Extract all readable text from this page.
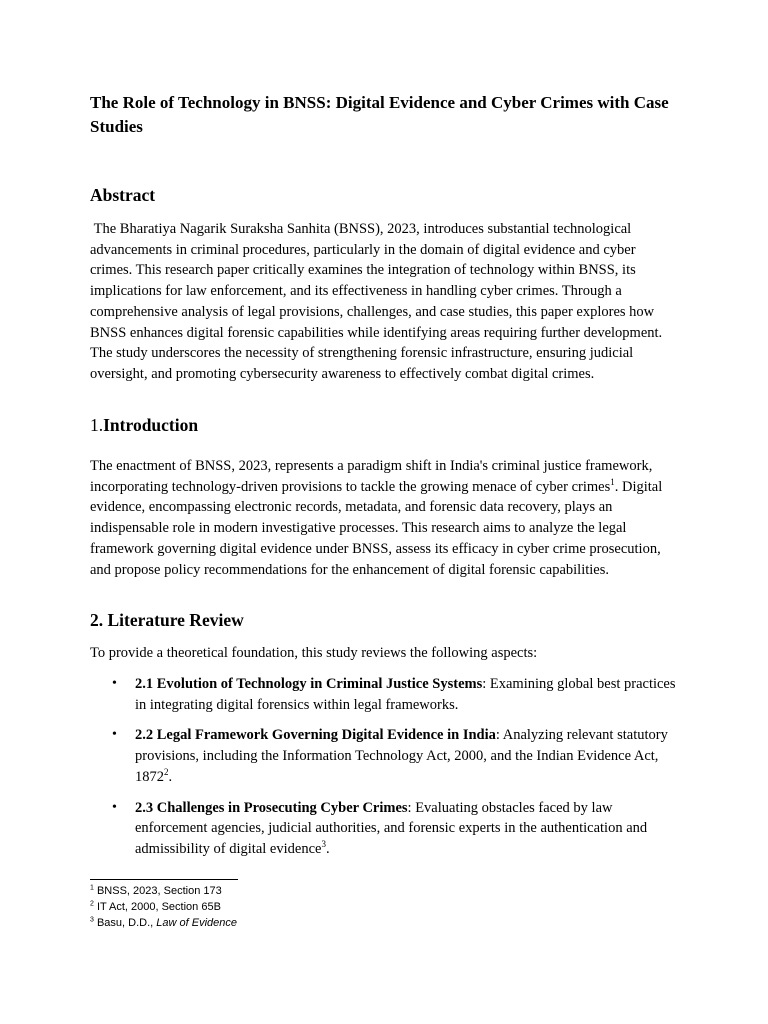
The Role of Technology in BNSS: Digital Evidence and Cyber Crimes with Case Studies
Abstract

The Bharatiya Nagarik Suraksha Sanhita (BNSS), 2023, introduces substantial technological advancements in criminal procedures, particularly in the domain of digital evidence and cyber crimes. This research paper critically examines the integration of technology within BNSS, its implications for law enforcement, and its effectiveness in handling cyber crimes. Through a comprehensive analysis of legal provisions, challenges, and case studies, this paper explores how BNSS enhances digital forensic capabilities while identifying areas requiring further development. The study underscores the necessity of strengthening forensic infrastructure, ensuring judicial oversight, and promoting cybersecurity awareness to effectively combat digital crimes.

1.Introduction

The enactment of BNSS, 2023, represents a paradigm shift in India's criminal justice framework, incorporating technology-driven provisions to tackle the growing menace of cyber crimes$^1$. Digital evidence, encompassing electronic records, metadata, and forensic data recovery, plays an indispensable role in modern investigative processes. This research aims to analyze the legal framework governing digital evidence under BNSS, assess its efficacy in cyber crime prosecution, and propose policy recommendations for the enhancement of digital forensic capabilities.

2. Literature Review

To provide a theoretical foundation, this study reviews the following aspects:

• 2.1 Evolution of Technology in Criminal Justice Systems: Examining global best practices in integrating digital forensics within legal frameworks.
• 2.2 Legal Framework Governing Digital Evidence in India: Analyzing relevant statutory provisions, including the Information Technology Act, 2000, and the Indian Evidence Act, 1872$^2$.
• 2.3 Challenges in Prosecuting Cyber Crimes: Evaluating obstacles faced by law enforcement agencies, judicial authorities, and forensic experts in the authentication and admissibility of digital evidence$^3$.

$^1$ BNSS, 2023, Section 173

$^2$ IT Act, 2000, Section 65B

$^3$ Basu, D.D., Law of Evidence
